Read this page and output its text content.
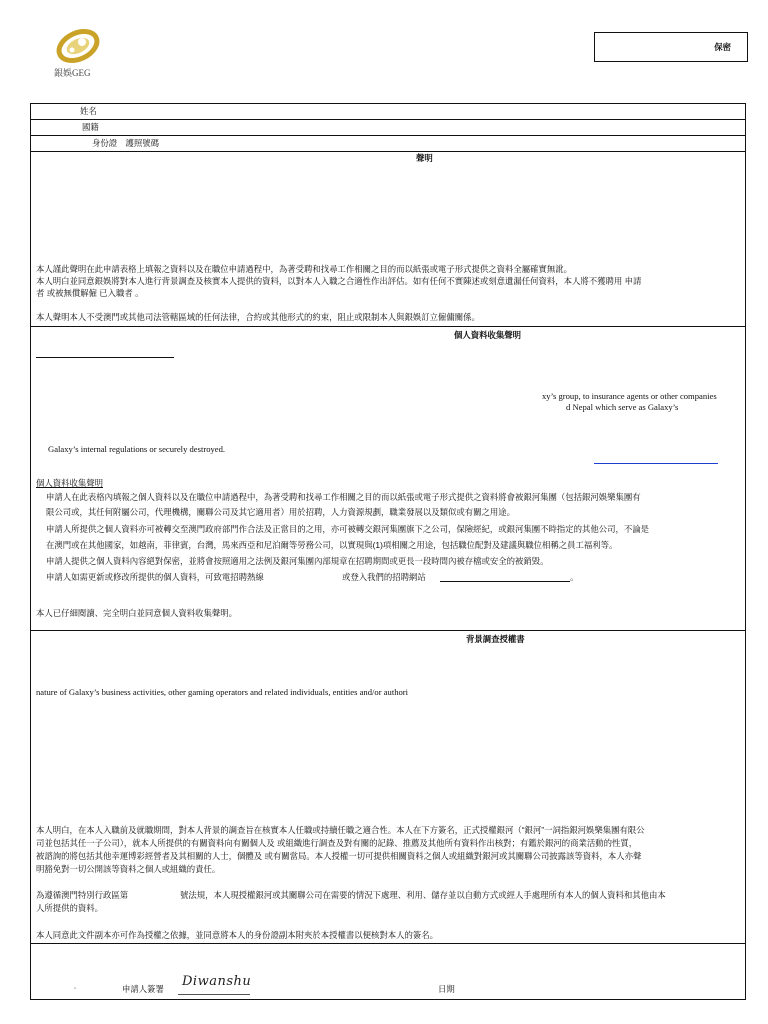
銀娛GEG
保密
姓名
國籍
身份證　護照號碼
聲明
本人謹此聲明在此申請表格上填報之資料以及在職位申請過程中，為著受聘和找尋工作相關之目的而以紙張或電子形式提供之資料全屬確實無訛。
本人明白並同意銀娛將對本人進行背景調查及核實本人提供的資料，以對本人入職之合適性作出評估。如有任何不實陳述或刻意遺漏任何資料，本人將不獲聘用 申請
者 或被無償解僱 已入職者 。
本人聲明本人不受澳門或其他司法管轄區域的任何法律，合約或其他形式的約束，阻止或限制本人與銀娛訂立僱傭關係。
個人資料收集聲明
xy’s group, to insurance agents or other companies
d Nepal which serve as Galaxy’s
Galaxy’s internal regulations or securely destroyed.
個人資料收集聲明
申請人在此表格內填報之個人資料以及在職位申請過程中，為著受聘和找尋工作相關之目的而以紙張或電子形式提供之資料將會被銀河集團（包括銀河娛樂集團有
限公司或，其任何附屬公司，代理機構，關聯公司及其它適用者）用於招聘，人力資源規劃，職業發展以及類似或有關之用途。
申請人所提供之個人資料亦可被轉交至澳門政府部門作合法及正當目的之用，亦可被轉交銀河集團旗下之公司，保險經紀，或銀河集團不時指定的其他公司，不論是
在澳門或在其他國家，如越南，菲律賓，台灣，馬來西亞和尼泊爾等勞務公司，以實現與(1)項相關之用途，包括職位配對及建議與職位相稱之員工福利等。
申請人提供之個人資料內容絕對保密，並將會按照適用之法例及銀河集團內部規章在招聘期間或更長一段時間內被存檔或安全的被銷毀。
申請人如需更新或修改所提供的個人資料，可致電招聘熱線	或登入我們的招聘網站	。
本人已仔細閱讀、完全明白並同意個人資料收集聲明。
背景調查授權書
nature of Galaxy’s business activities, other gaming operators and related individuals, entities and/or authori
本人明白，在本人入職前及就職期間，對本人背景的調查旨在核實本人任職或持續任職之適合性。本人在下方簽名，正式授權銀河（“銀河”一詞指銀河娛樂集團有限公
司並包括其任一子公司），就本人所提供的有關資料向有關個人及 或組織進行調查及對有關的記錄、推薦及其他所有資料作出核對；有鑑於銀河的商業活動的性質，
被諮詢的將包括其他幸運博彩經營者及其相關的人士，個體及 或有關當局。本人授權一切可提供相關資料之個人或組織對銀河或其關聯公司披露該等資料，本人亦聲
明豁免對一切公開該等資料之個人或組織的責任。
為遵循澳門特別行政區第	號法規，本人現授權銀河或其關聯公司在需要的情況下處理、利用、儲存並以自動方式或經人手處理所有本人的個人資料和其他由本
人所提供的資料。
本人同意此文件副本亦可作為授權之依據，並同意將本人的身份證副本附夾於本授權書以便核對本人的簽名。
◦	申請人簽署 Diwanshu	日期
